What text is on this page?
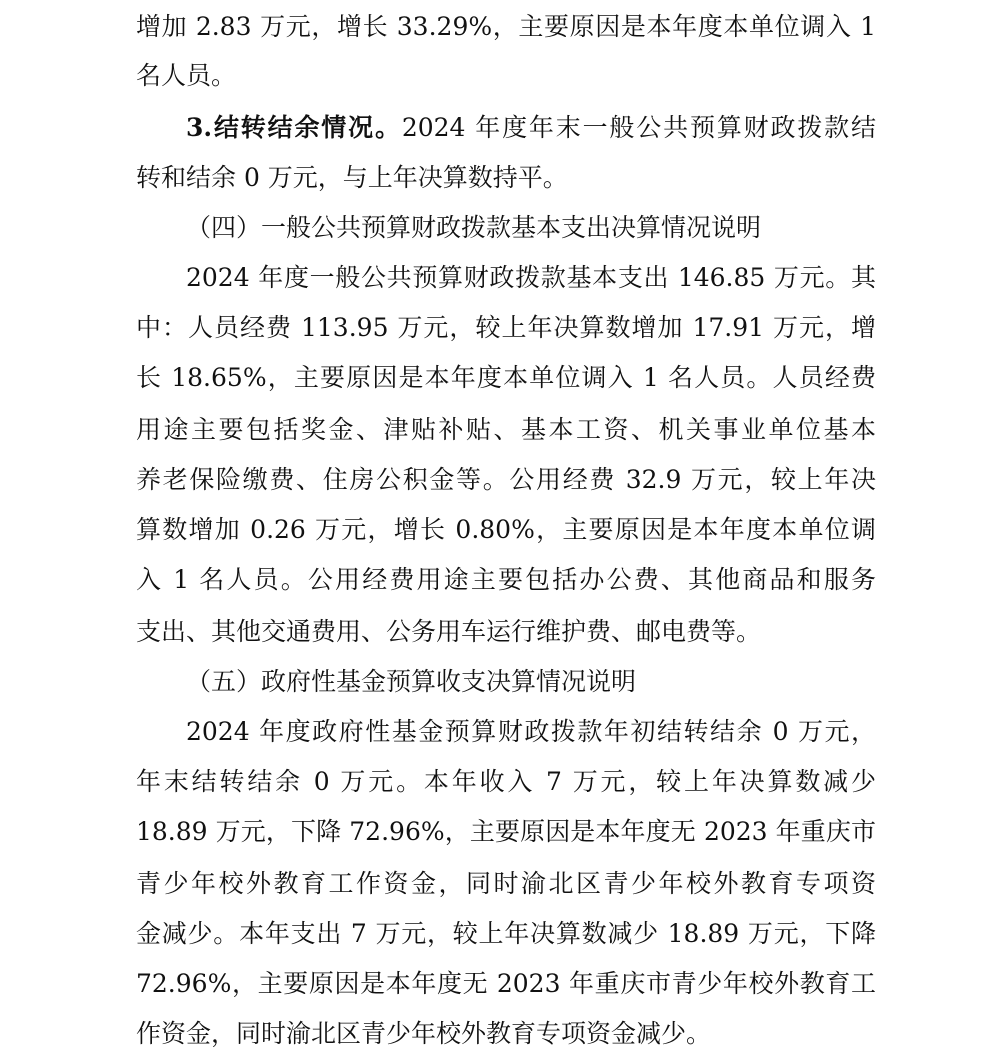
增加 2.83 万元，增长 33.29%，主要原因是本年度本单位调入 1
名人员。
3.结转结余情况。2024 年度年末一般公共预算财政拨款结
转和结余 0 万元，与上年决算数持平。
（四）一般公共预算财政拨款基本支出决算情况说明
2024 年度一般公共预算财政拨款基本支出 146.85 万元。其
中：人员经费 113.95 万元，较上年决算数增加 17.91 万元，增
长 18.65%，主要原因是本年度本单位调入 1 名人员。人员经费
用途主要包括奖金、津贴补贴、基本工资、机关事业单位基本
养老保险缴费、住房公积金等。公用经费 32.9 万元，较上年决
算数增加 0.26 万元，增长 0.80%，主要原因是本年度本单位调
入 1 名人员。公用经费用途主要包括办公费、其他商品和服务
支出、其他交通费用、公务用车运行维护费、邮电费等。
（五）政府性基金预算收支决算情况说明
2024 年度政府性基金预算财政拨款年初结转结余 0 万元，
年末结转结余 0 万元。本年收入 7 万元，较上年决算数减少
18.89 万元，下降 72.96%，主要原因是本年度无 2023 年重庆市
青少年校外教育工作资金，同时渝北区青少年校外教育专项资
金减少。本年支出 7 万元，较上年决算数减少 18.89 万元，下降
72.96%，主要原因是本年度无 2023 年重庆市青少年校外教育工
作资金，同时渝北区青少年校外教育专项资金减少。
